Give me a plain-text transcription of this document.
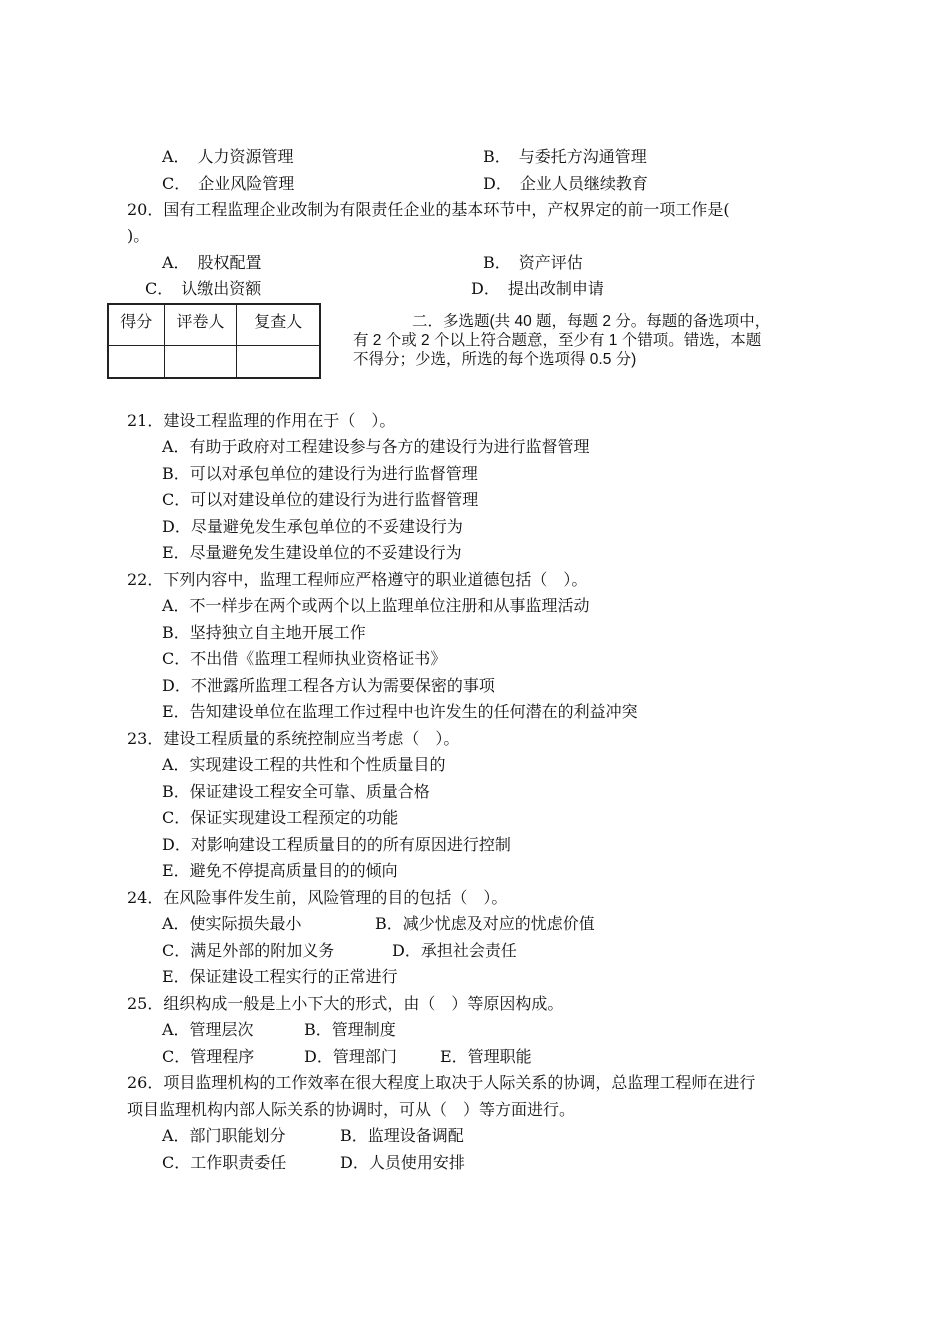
A．　人力资源管理	B．　与委托方沟通管理
C．　企业风险管理	D．　企业人员继续教育
20．国有工程监理企业改制为有限责任企业的基本环节中，产权界定的前一项工作是(
)。
A．　股权配置	B．　资产评估
C．　认缴出资额	D．　提出改制申请
得分	评卷人	复查人
			二．多选题(共 40 题，每题 2 分。每题的备选项中，
有 2 个或 2 个以上符合题意，至少有 1 个错项。错选，本题
不得分；少选，所选的每个选项得 0.5 分)
21．建设工程监理的作用在于（　）。
A．有助于政府对工程建设参与各方的建设行为进行监督管理
B．可以对承包单位的建设行为进行监督管理
C．可以对建设单位的建设行为进行监督管理
D．尽量避免发生承包单位的不妥建设行为
E．尽量避免发生建设单位的不妥建设行为
22．下列内容中，监理工程师应严格遵守的职业道德包括（　）。
A．不一样步在两个或两个以上监理单位注册和从事监理活动
B．坚持独立自主地开展工作
C．不出借《监理工程师执业资格证书》
D．不泄露所监理工程各方认为需要保密的事项
E．告知建设单位在监理工作过程中也许发生的任何潜在的利益冲突
23．建设工程质量的系统控制应当考虑（　）。
A．实现建设工程的共性和个性质量目的
B．保证建设工程安全可靠、质量合格
C．保证实现建设工程预定的功能
D．对影响建设工程质量目的的所有原因进行控制
E．避免不停提高质量目的的倾向
24．在风险事件发生前，风险管理的目的包括（　）。
A．使实际损失最小	B．减少忧虑及对应的忧虑价值
C．满足外部的附加义务	D．承担社会责任
E．保证建设工程实行的正常进行
25．组织构成一般是上小下大的形式，由（　）等原因构成。
A．管理层次	B．管理制度
C．管理程序	D．管理部门	E．管理职能
26．项目监理机构的工作效率在很大程度上取决于人际关系的协调，总监理工程师在进行
项目监理机构内部人际关系的协调时，可从（　）等方面进行。
A．部门职能划分	B．监理设备调配
C．工作职责委任	D．人员使用安排
